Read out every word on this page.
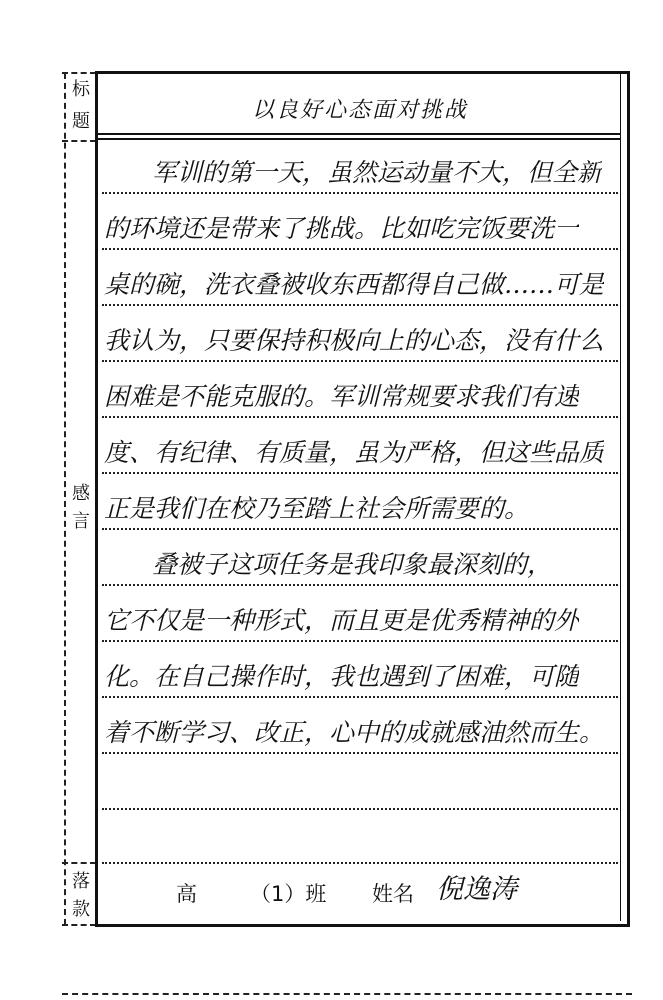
标
题
感
言
落
款
以良好心态面对挑战
军训的第一天，虽然运动量不大，但全新
的环境还是带来了挑战。比如吃完饭要洗一
桌的碗，洗衣叠被收东西都得自己做……可是
我认为，只要保持积极向上的心态，没有什么
困难是不能克服的。军训常规要求我们有速
度、有纪律、有质量，虽为严格，但这些品质
正是我们在校乃至踏上社会所需要的。
叠被子这项任务是我印象最深刻的，
它不仅是一种形式，而且更是优秀精神的外
化。在自己操作时，我也遇到了困难，可随
着不断学习、改正，心中的成就感油然而生。
高	（1）班 姓名 倪逸涛
